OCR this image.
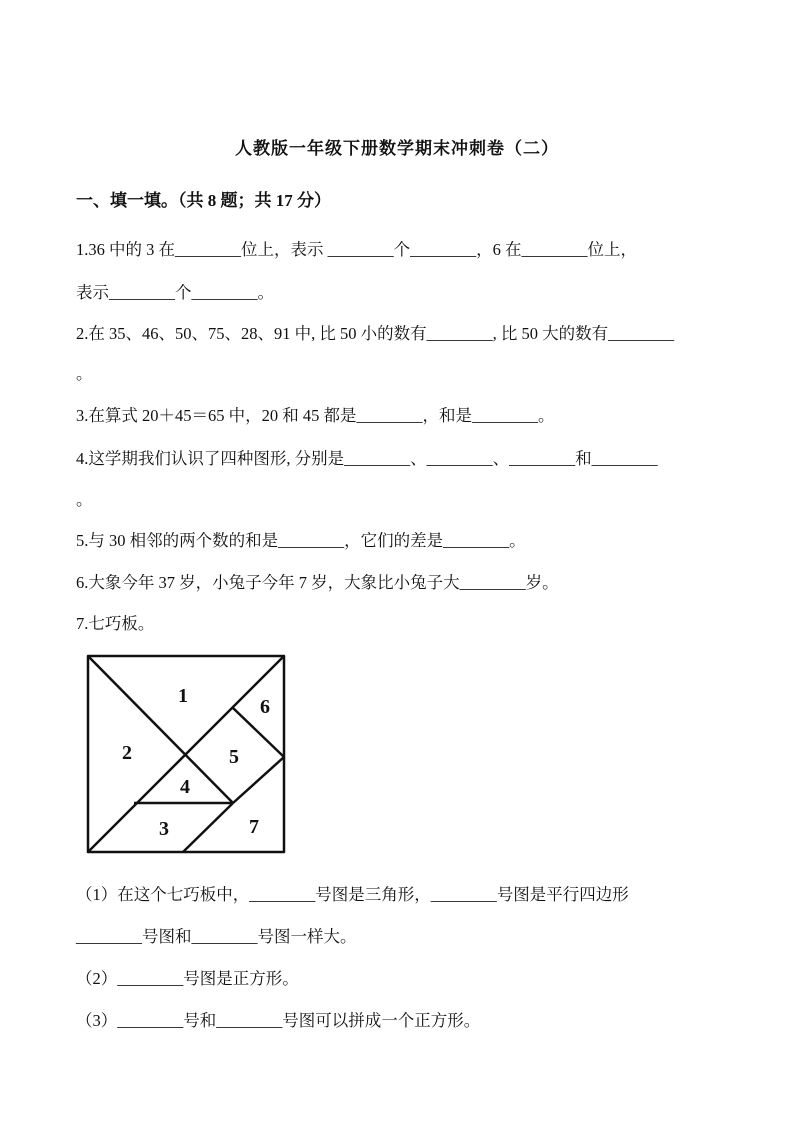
人教版一年级下册数学期末冲刺卷（二）
一、填一填。（共 8 题；共 17 分）
1.36 中的 3 在________位上，表示 ________个________，6 在________位上，
表示________个________。
2.在 35、46、50、75、28、91 中, 比 50 小的数有________, 比 50 大的数有________
。
3.在算式 20＋45＝65 中，20 和 45 都是________，和是________。
4.这学期我们认识了四种图形, 分别是________、________、________和________
。
5.与 30 相邻的两个数的和是________，它们的差是________。
6.大象今年 37 岁，小兔子今年 7 岁，大象比小兔子大________岁。
7.七巧板。
1
2
3
4
5
6
7
（1）在这个七巧板中，________号图是三角形，________号图是平行四边形
________号图和________号图一样大。
（2）________号图是正方形。
（3）________号和________号图可以拼成一个正方形。
